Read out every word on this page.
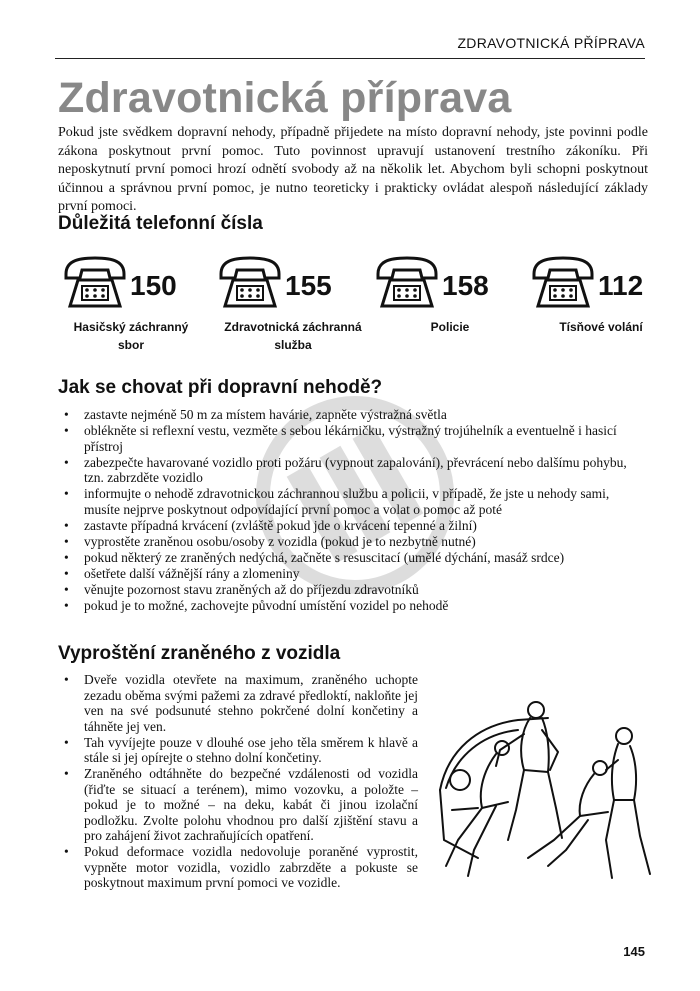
ZDRAVOTNICKÁ PŘÍPRAVA
Zdravotnická příprava

Pokud jste svědkem dopravní nehody, případně přijedete na místo dopravní nehody, jste povinni podle zákona poskytnout první pomoc. Tuto povinnost upravují ustanovení trestního zákoníku. Při neposkytnutí první pomoci hrozí odnětí svobody až na několik let. Abychom byli schopni poskytnout účinnou a správnou první pomoc, je nutno teoreticky i prakticky ovládat alespoň následující základy první pomoci.

Důležitá telefonní čísla
150
Hasičský záchranný sbor
155
Zdravotnická záchranná služba
158
Policie
112
Tísňové volání
Jak se chovat při dopravní nehodě?
• zastavte nejméně 50 m za místem havárie, zapněte výstražná světla
• oblékněte si reflexní vestu, vezměte s sebou lékárničku, výstražný trojúhelník a eventuelně i hasicí přístroj
• zabezpečte havarované vozidlo proti požáru (vypnout zapalování), převrácení nebo dalšímu pohybu, tzn. zabrzděte vozidlo
• informujte o nehodě zdravotnickou záchrannou službu a policii, v případě, že jste u nehody sami, musíte nejprve poskytnout odpovídající první pomoc a volat o pomoc až poté
• zastavte případná krvácení (zvláště pokud jde o krvácení tepenné a žilní)
• vyprostěte zraněnou osobu/osoby z vozidla (pokud je to nezbytně nutné)
• pokud některý ze zraněných nedýchá, začněte s resuscitací (umělé dýchání, masáž srdce)
• ošetřete další vážnější rány a zlomeniny
• věnujte pozornost stavu zraněných až do příjezdu zdravotníků
• pokud je to možné, zachovejte původní umístění vozidel po nehodě
Vyproštění zraněného z vozidla
• Dveře vozidla otevřete na maximum, zraněného uchopte zezadu oběma svými pažemi za zdravé předloktí, nakloňte jej ven na své podsunuté stehno pokrčené dolní končetiny a táhněte jej ven.
• Tah vyvíjejte pouze v dlouhé ose jeho těla směrem k hlavě a stále si jej opírejte o stehno dolní končetiny.
• Zraněného odtáhněte do bezpečné vzdálenosti od vozidla (řiďte se situací a terénem), mimo vozovku, a položte – pokud je to možné – na deku, kabát či jinou izolační podložku. Zvolte polohu vhodnou pro další zjištění stavu a pro zahájení život zachraňujících opatření.
• Pokud deformace vozidla nedovoluje poraněné vyprostit, vypněte motor vozidla, vozidlo zabrzděte a pokuste se poskytnout maximum první pomoci ve vozidle.
145
